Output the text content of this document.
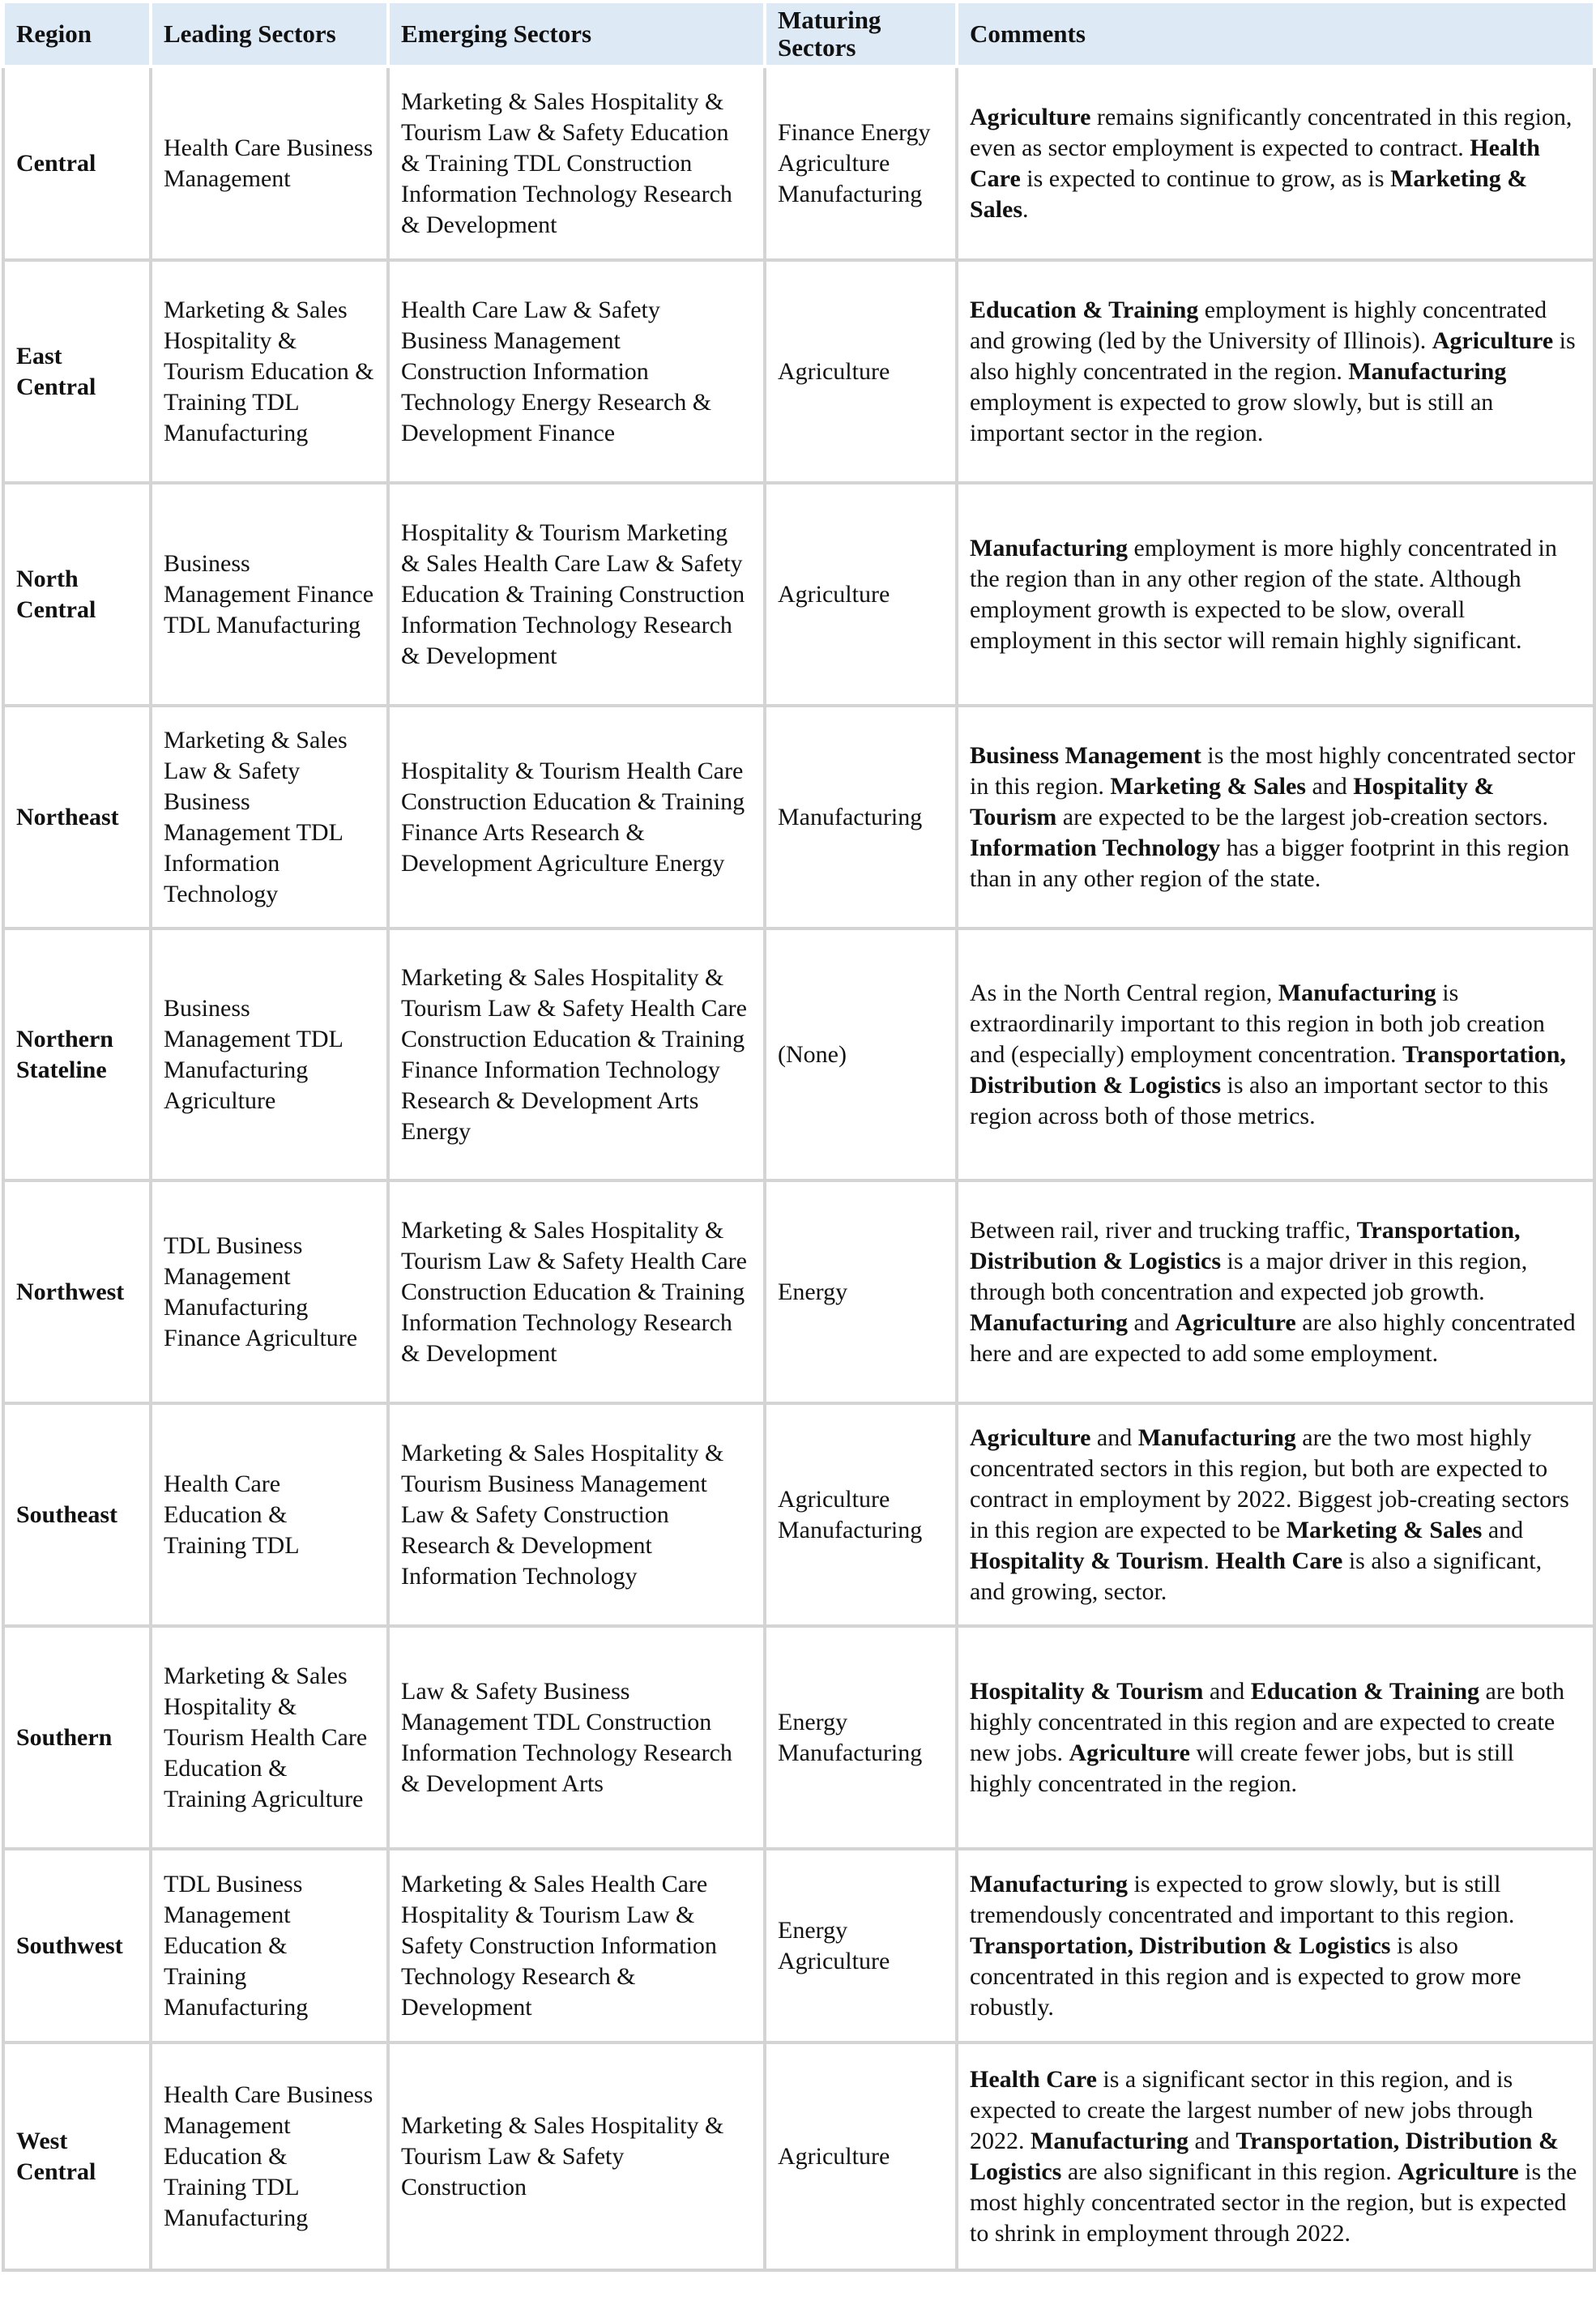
Region	Leading Sectors	Emerging Sectors	Maturing Sectors	Comments
Central	Health Care Business Management	Marketing & Sales Hospitality & Tourism Law & Safety Education & Training TDL Construction Information Technology Research & Development	Finance Energy Agriculture Manufacturing	Agriculture remains significantly concentrated in this region, even as sector employment is expected to contract. Health Care is expected to continue to grow, as is Marketing & Sales.
East Central	Marketing & Sales Hospitality & Tourism Education & Training TDL Manufacturing	Health Care Law & Safety Business Management Construction Information Technology Energy Research & Development Finance	Agriculture	Education & Training employment is highly concentrated and growing (led by the University of Illinois). Agriculture is also highly concentrated in the region. Manufacturing employment is expected to grow slowly, but is still an important sector in the region.
North Central	Business Management Finance TDL Manufacturing	Hospitality & Tourism Marketing & Sales Health Care Law & Safety Education & Training Construction Information Technology Research & Development	Agriculture	Manufacturing employment is more highly concentrated in the region than in any other region of the state. Although employment growth is expected to be slow, overall employment in this sector will remain highly significant.
Northeast	Marketing & Sales Law & Safety Business Management TDL Information Technology	Hospitality & Tourism Health Care Construction Education & Training Finance Arts Research & Development Agriculture Energy	Manufacturing	Business Management is the most highly concentrated sector in this region. Marketing & Sales and Hospitality & Tourism are expected to be the largest job-creation sectors. Information Technology has a bigger footprint in this region than in any other region of the state.
Northern Stateline	Business Management TDL Manufacturing Agriculture	Marketing & Sales Hospitality & Tourism Law & Safety Health Care Construction Education & Training Finance Information Technology Research & Development Arts Energy	(None)	As in the North Central region, Manufacturing is extraordinarily important to this region in both job creation and (especially) employment concentration. Transportation, Distribution & Logistics is also an important sector to this region across both of those metrics.
Northwest	TDL Business Management Manufacturing Finance Agriculture	Marketing & Sales Hospitality & Tourism Law & Safety Health Care Construction Education & Training Information Technology Research & Development	Energy	Between rail, river and trucking traffic, Transportation, Distribution & Logistics is a major driver in this region, through both concentration and expected job growth. Manufacturing and Agriculture are also highly concentrated here and are expected to add some employment.
Southeast	Health Care Education & Training TDL	Marketing & Sales Hospitality & Tourism Business Management Law & Safety Construction Research & Development Information Technology	Agriculture Manufacturing	Agriculture and Manufacturing are the two most highly concentrated sectors in this region, but both are expected to contract in employment by 2022. Biggest job-creating sectors in this region are expected to be Marketing & Sales and Hospitality & Tourism. Health Care is also a significant, and growing, sector.
Southern	Marketing & Sales Hospitality & Tourism Health Care Education & Training Agriculture	Law & Safety Business Management TDL Construction Information Technology Research & Development Arts	Energy Manufacturing	Hospitality & Tourism and Education & Training are both highly concentrated in this region and are expected to create new jobs. Agriculture will create fewer jobs, but is still highly concentrated in the region.
Southwest	TDL Business Management Education & Training Manufacturing	Marketing & Sales Health Care Hospitality & Tourism Law & Safety Construction Information Technology Research & Development	Energy Agriculture	Manufacturing is expected to grow slowly, but is still tremendously concentrated and important to this region. Transportation, Distribution & Logistics is also concentrated in this region and is expected to grow more robustly.
West Central	Health Care Business Management Education & Training TDL Manufacturing	Marketing & Sales Hospitality & Tourism Law & Safety Construction	Agriculture	Health Care is a significant sector in this region, and is expected to create the largest number of new jobs through 2022. Manufacturing and Transportation, Distribution & Logistics are also significant in this region. Agriculture is the most highly concentrated sector in the region, but is expected to shrink in employment through 2022.
